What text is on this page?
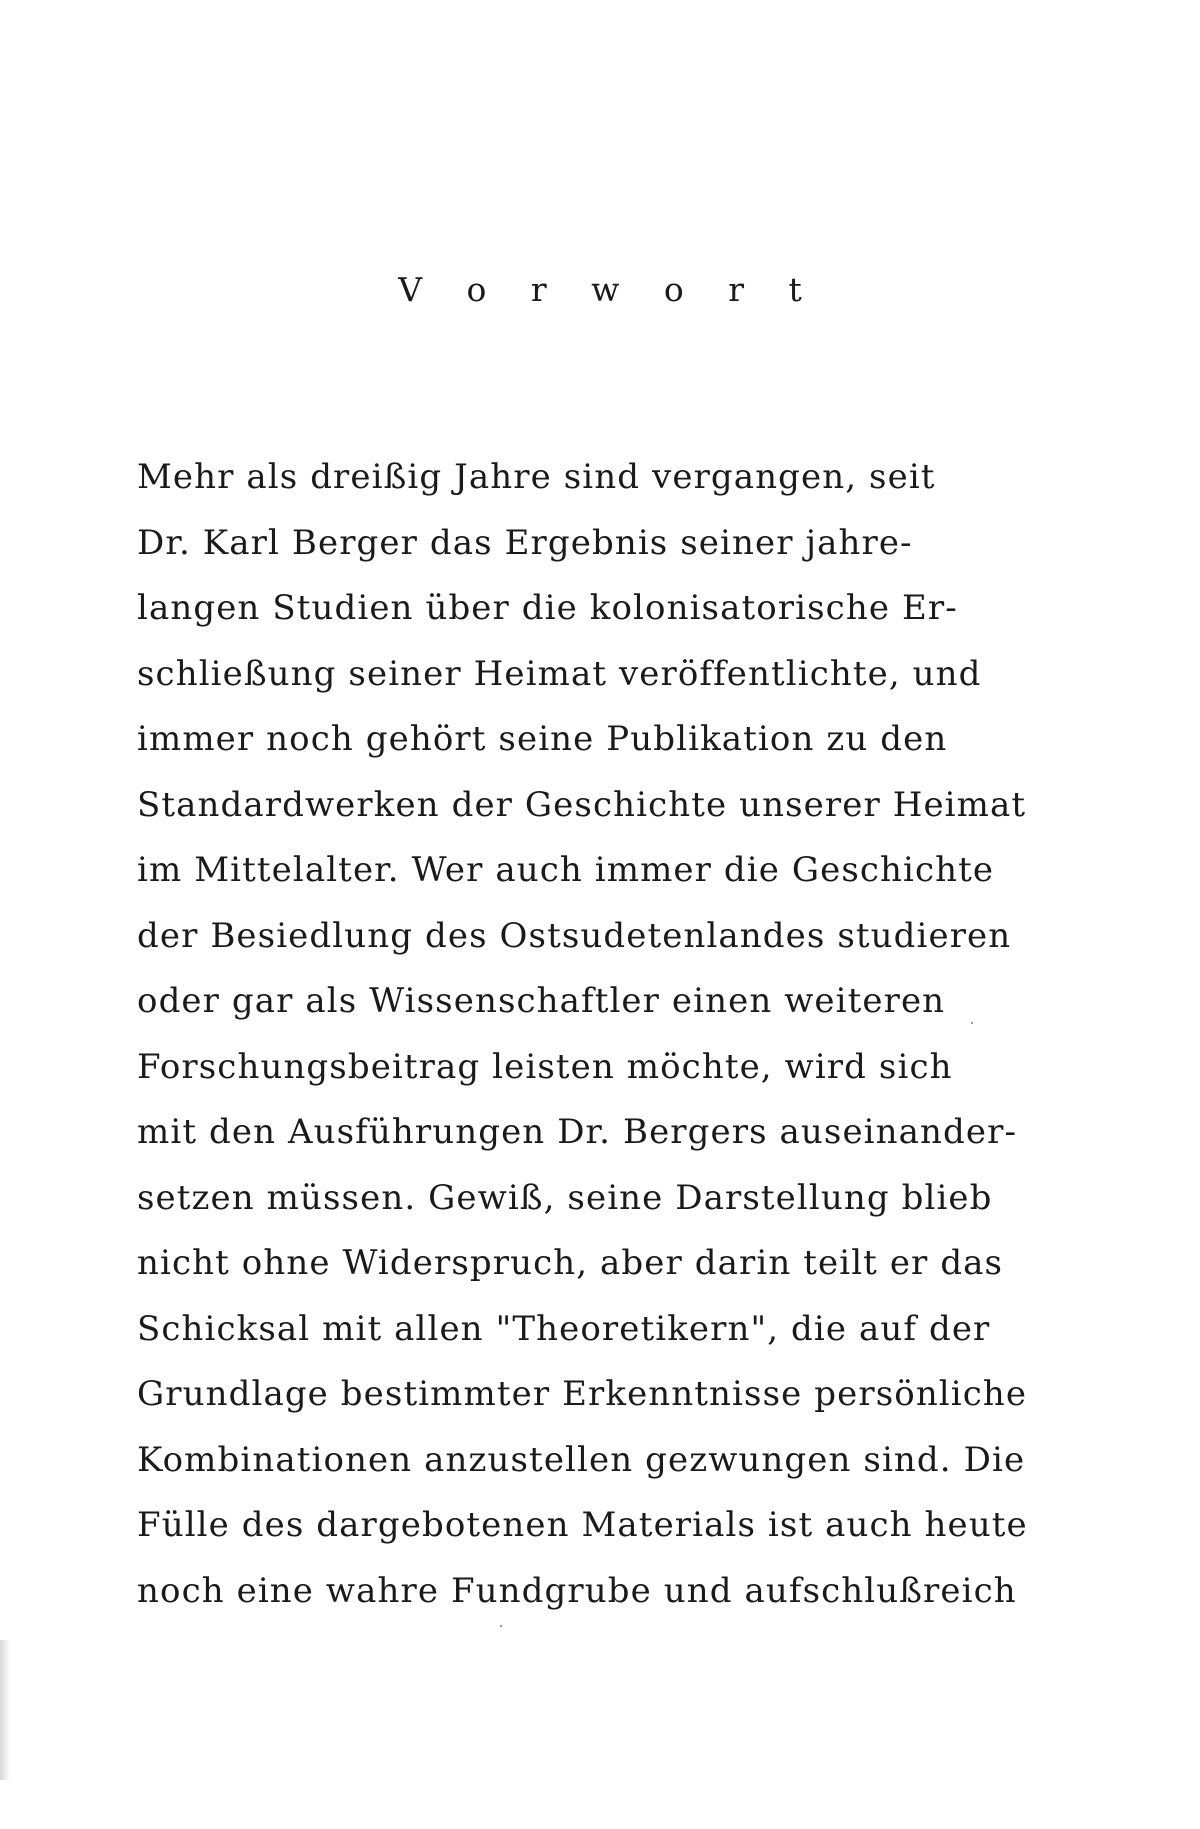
V o r w o r t
Mehr als dreißig Jahre sind vergangen, seit
Dr. Karl Berger das Ergebnis seiner jahre-
langen Studien über die kolonisatorische Er-
schließung seiner Heimat veröffentlichte, und
immer noch gehört seine Publikation zu den
Standardwerken der Geschichte unserer Heimat
im Mittelalter. Wer auch immer die Geschichte
der Besiedlung des Ostsudetenlandes studieren
oder gar als Wissenschaftler einen weiteren
Forschungsbeitrag leisten möchte, wird sich
mit den Ausführungen Dr. Bergers auseinander-
setzen müssen. Gewiß, seine Darstellung blieb
nicht ohne Widerspruch, aber darin teilt er das
Schicksal mit allen "Theoretikern", die auf der
Grundlage bestimmter Erkenntnisse persönliche
Kombinationen anzustellen gezwungen sind. Die
Fülle des dargebotenen Materials ist auch heute
noch eine wahre Fundgrube und aufschlußreich
